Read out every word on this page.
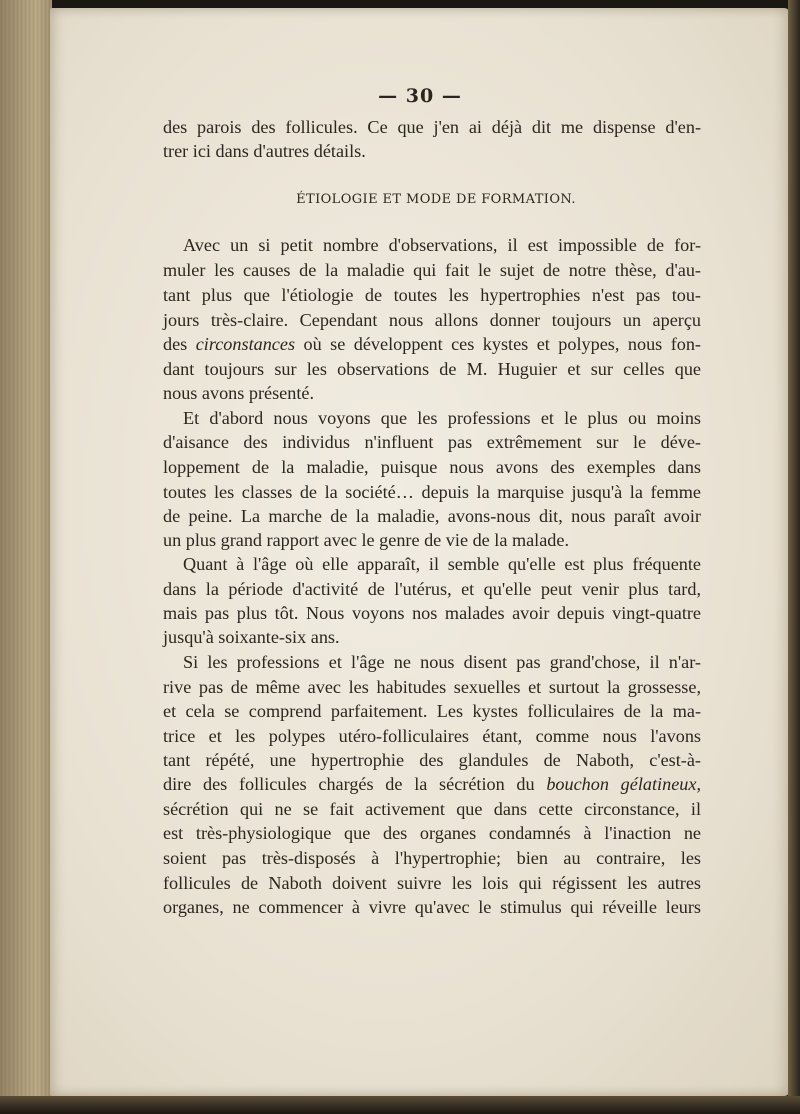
— 30 —
des parois des follicules. Ce que j'en ai déjà dit me dispense d'en-
trer ici dans d'autres détails.
ÉTIOLOGIE ET MODE DE FORMATION.
Avec un si petit nombre d'observations, il est impossible de for-
muler les causes de la maladie qui fait le sujet de notre thèse, d'au-
tant plus que l'étiologie de toutes les hypertrophies n'est pas tou-
jours très-claire. Cependant nous allons donner toujours un aperçu
des circonstances où se développent ces kystes et polypes, nous fon-
dant toujours sur les observations de M. Huguier et sur celles que
nous avons présenté.
Et d'abord nous voyons que les professions et le plus ou moins
d'aisance des individus n'influent pas extrêmement sur le déve-
loppement de la maladie, puisque nous avons des exemples dans
toutes les classes de la société… depuis la marquise jusqu'à la femme
de peine. La marche de la maladie, avons-nous dit, nous paraît avoir
un plus grand rapport avec le genre de vie de la malade.
Quant à l'âge où elle apparaît, il semble qu'elle est plus fréquente
dans la période d'activité de l'utérus, et qu'elle peut venir plus tard,
mais pas plus tôt. Nous voyons nos malades avoir depuis vingt-quatre
jusqu'à soixante-six ans.
Si les professions et l'âge ne nous disent pas grand'chose, il n'ar-
rive pas de même avec les habitudes sexuelles et surtout la grossesse,
et cela se comprend parfaitement. Les kystes folliculaires de la ma-
trice et les polypes utéro-folliculaires étant, comme nous l'avons
tant répété, une hypertrophie des glandules de Naboth, c'est-à-
dire des follicules chargés de la sécrétion du bouchon gélatineux,
sécrétion qui ne se fait activement que dans cette circonstance, il
est très-physiologique que des organes condamnés à l'inaction ne
soient pas très-disposés à l'hypertrophie; bien au contraire, les
follicules de Naboth doivent suivre les lois qui régissent les autres
organes, ne commencer à vivre qu'avec le stimulus qui réveille leurs
